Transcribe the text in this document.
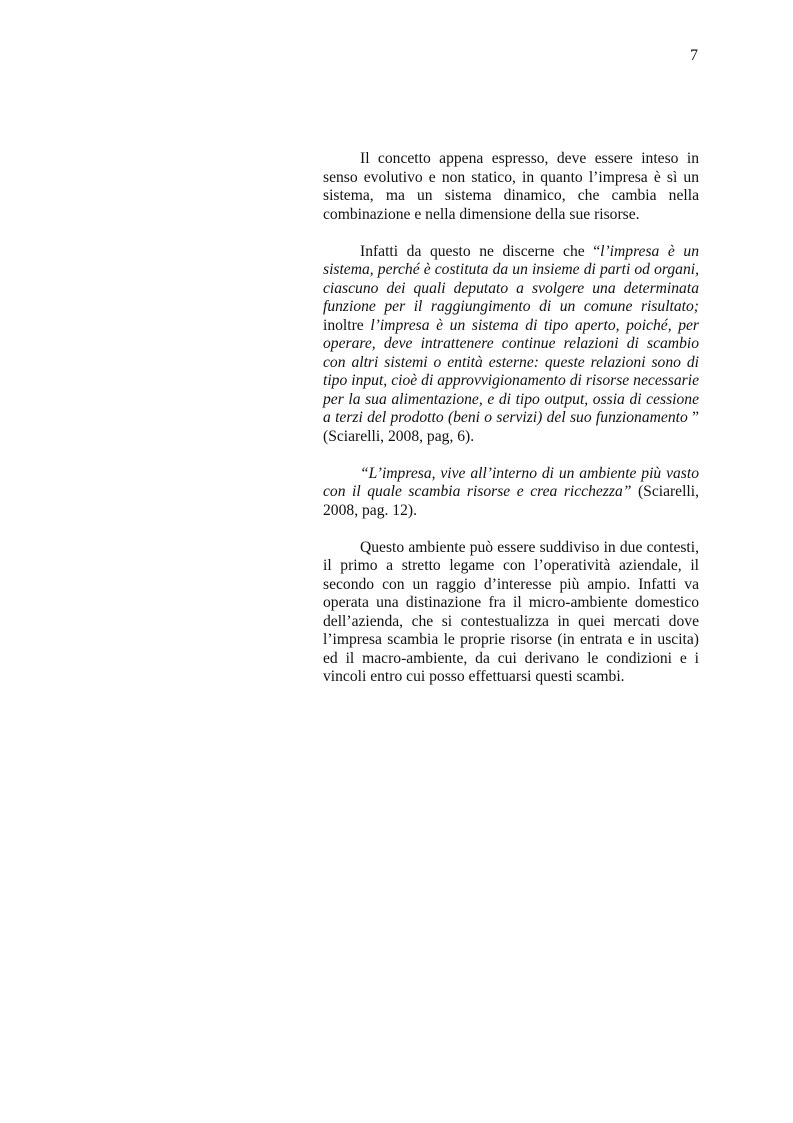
7

Il concetto appena espresso, deve essere inteso in senso evolutivo e non statico, in quanto l’impresa è sì un sistema, ma un sistema dinamico, che cambia nella combinazione e nella dimensione della sue risorse.

Infatti da questo ne discerne che “l’impresa è un sistema, perché è costituta da un insieme di parti od organi, ciascuno dei quali deputato a svolgere una determinata funzione per il raggiungimento di un comune risultato; inoltre l’impresa è un sistema di tipo aperto, poiché, per operare, deve intrattenere continue relazioni di scambio con altri sistemi o entità esterne: queste relazioni sono di tipo input, cioè di approvvigionamento di risorse necessarie per la sua alimentazione, e di tipo output, ossia di cessione a terzi del prodotto (beni o servizi) del suo funzionamento ” (Sciarelli, 2008, pag, 6).

“L’impresa, vive all’interno di un ambiente più vasto con il quale scambia risorse e crea ricchezza” (Sciarelli, 2008, pag. 12).

Questo ambiente può essere suddiviso in due contesti, il primo a stretto legame con l’operatività aziendale, il secondo con un raggio d’interesse più ampio. Infatti va operata una distinazione fra il micro-ambiente domestico dell’azienda, che si contestualizza in quei mercati dove l’impresa scambia le proprie risorse (in entrata e in uscita) ed il macro-ambiente, da cui derivano le condizioni e i vincoli entro cui posso effettuarsi questi scambi.
